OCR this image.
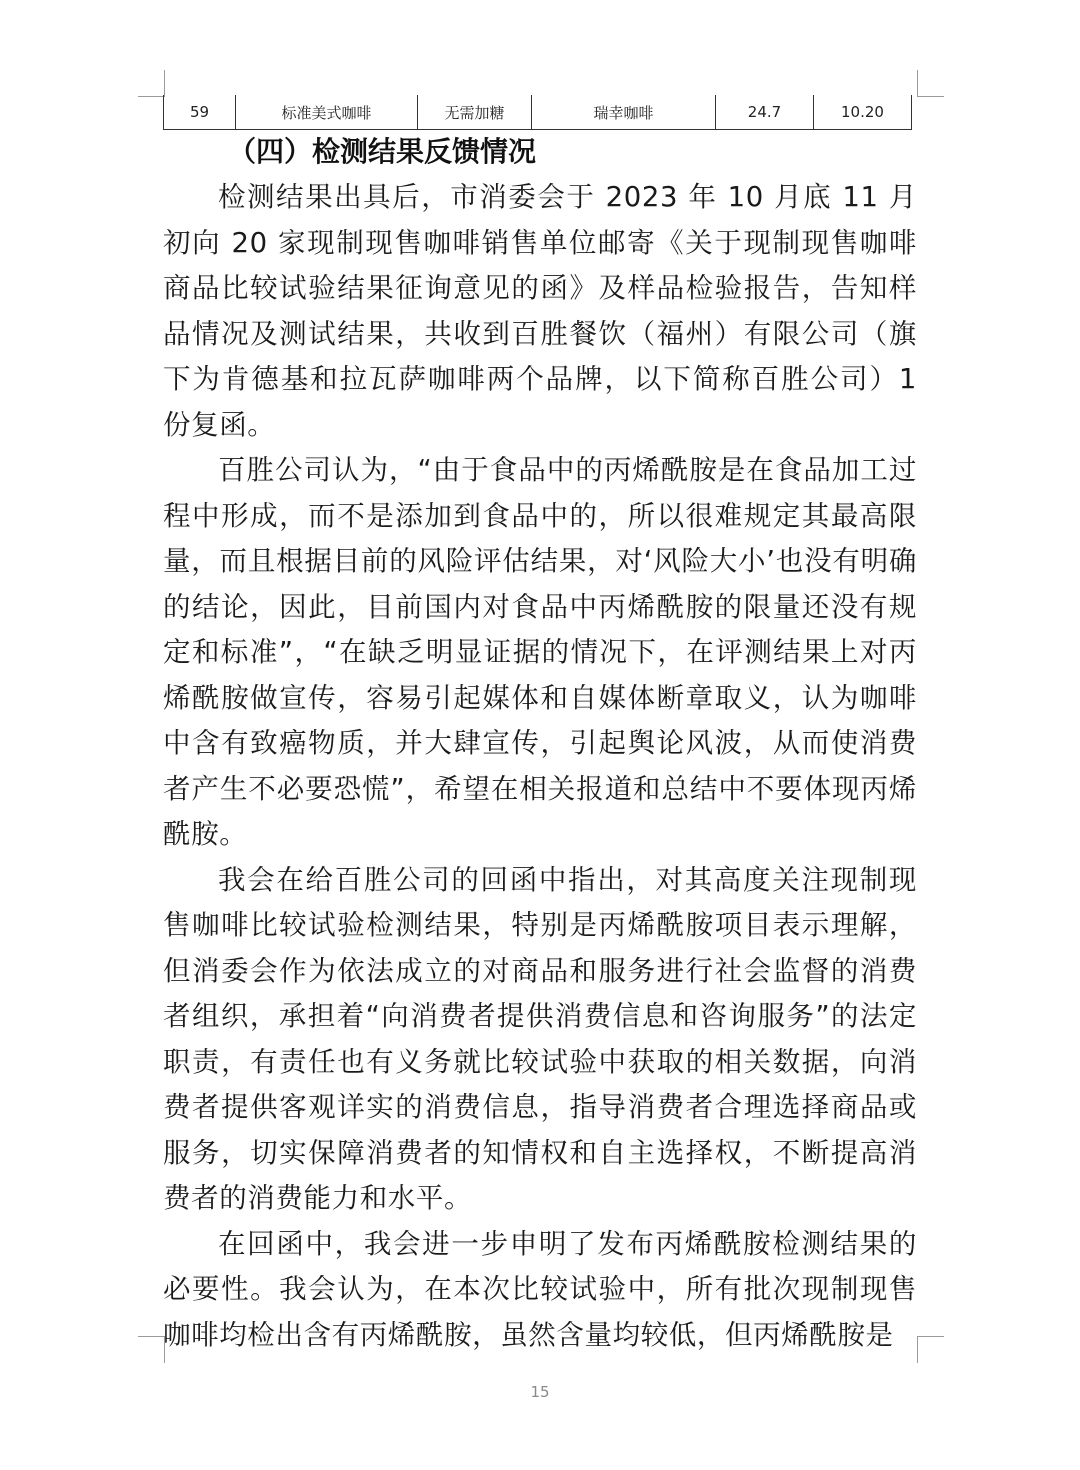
59	标准美式咖啡	无需加糖	瑞幸咖啡	24.7	10.20
（四）检测结果反馈情况

检测结果出具后，市消委会于 2023 年 10 月底 11 月初向 20 家现制现售咖啡销售单位邮寄《关于现制现售咖啡商品比较试验结果征询意见的函》及样品检验报告，告知样品情况及测试结果，共收到百胜餐饮（福州）有限公司（旗下为肯德基和拉瓦萨咖啡两个品牌，以下简称百胜公司）1 份复函。

百胜公司认为，“由于食品中的丙烯酰胺是在食品加工过程中形成，而不是添加到食品中的，所以很难规定其最高限量，而且根据目前的风险评估结果，对‘风险大小’也没有明确的结论，因此，目前国内对食品中丙烯酰胺的限量还没有规定和标准”，“在缺乏明显证据的情况下，在评测结果上对丙烯酰胺做宣传，容易引起媒体和自媒体断章取义，认为咖啡中含有致癌物质，并大肆宣传，引起舆论风波，从而使消费者产生不必要恐慌”，希望在相关报道和总结中不要体现丙烯酰胺。

我会在给百胜公司的回函中指出，对其高度关注现制现售咖啡比较试验检测结果，特别是丙烯酰胺项目表示理解，但消委会作为依法成立的对商品和服务进行社会监督的消费者组织，承担着“向消费者提供消费信息和咨询服务”的法定职责，有责任也有义务就比较试验中获取的相关数据，向消费者提供客观详实的消费信息，指导消费者合理选择商品或服务，切实保障消费者的知情权和自主选择权，不断提高消费者的消费能力和水平。

在回函中，我会进一步申明了发布丙烯酰胺检测结果的必要性。我会认为，在本次比较试验中，所有批次现制现售咖啡均检出含有丙烯酰胺，虽然含量均较低，但丙烯酰胺是

15
